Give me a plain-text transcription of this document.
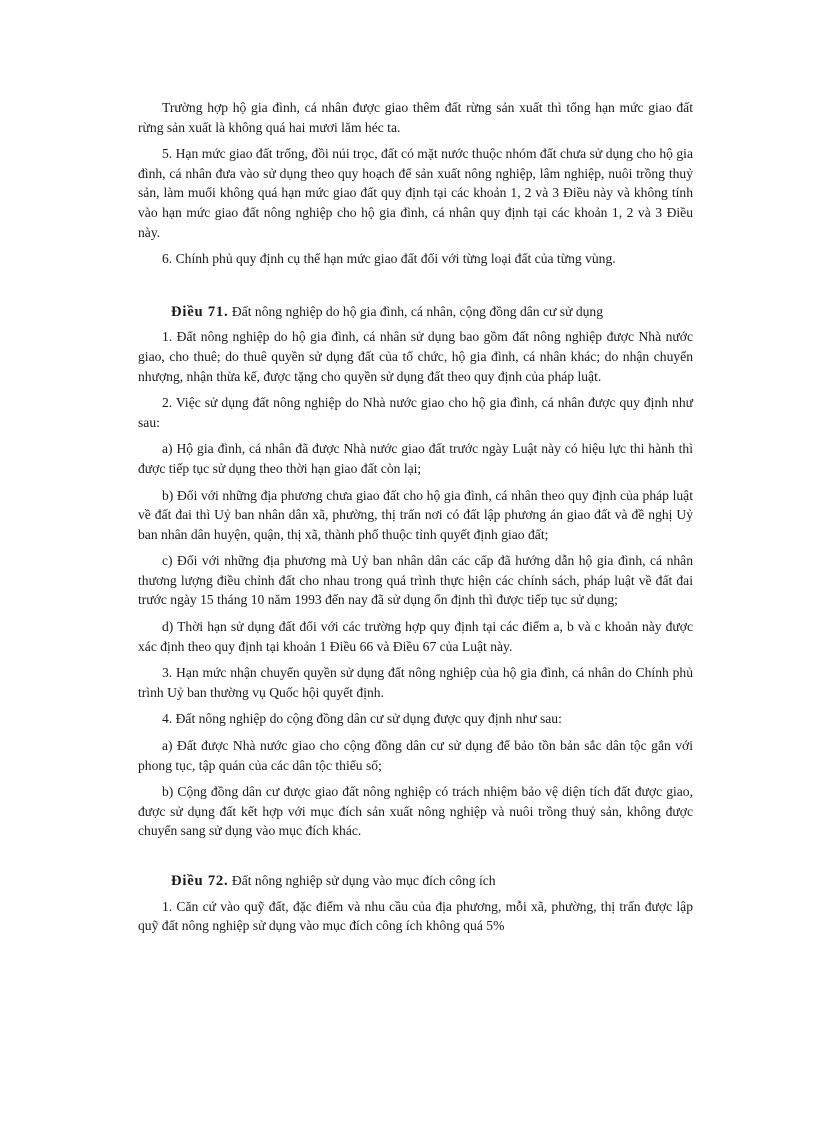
Trường hợp hộ gia đình, cá nhân được giao thêm đất rừng sản xuất thì tổng hạn mức giao đất rừng sản xuất là không quá hai mươi lăm héc ta.

5. Hạn mức giao đất trống, đồi núi trọc, đất có mặt nước thuộc nhóm đất chưa sử dụng cho hộ gia đình, cá nhân đưa vào sử dụng theo quy hoạch để sản xuất nông nghiệp, lâm nghiệp, nuôi trồng thuỷ sản, làm muối không quá hạn mức giao đất quy định tại các khoản 1, 2 và 3 Điều này và không tính vào hạn mức giao đất nông nghiệp cho hộ gia đình, cá nhân quy định tại các khoản 1, 2 và 3 Điều này.

6. Chính phủ quy định cụ thể hạn mức giao đất đối với từng loại đất của từng vùng.

Điều 71. Đất nông nghiệp do hộ gia đình, cá nhân, cộng đồng dân cư sử dụng

1. Đất nông nghiệp do hộ gia đình, cá nhân sử dụng bao gồm đất nông nghiệp được Nhà nước giao, cho thuê; do thuê quyền sử dụng đất của tổ chức, hộ gia đình, cá nhân khác; do nhận chuyển nhượng, nhận thừa kế, được tặng cho quyền sử dụng đất theo quy định của pháp luật.

2. Việc sử dụng đất nông nghiệp do Nhà nước giao cho hộ gia đình, cá nhân được quy định như sau:

a) Hộ gia đình, cá nhân đã được Nhà nước giao đất trước ngày Luật này có hiệu lực thi hành thì được tiếp tục sử dụng theo thời hạn giao đất còn lại;

b) Đối với những địa phương chưa giao đất cho hộ gia đình, cá nhân theo quy định của pháp luật về đất đai thì Uỷ ban nhân dân xã, phường, thị trấn nơi có đất lập phương án giao đất và đề nghị Uỷ ban nhân dân huyện, quận, thị xã, thành phố thuộc tỉnh quyết định giao đất;

c) Đối với những địa phương mà Uỷ ban nhân dân các cấp đã hướng dẫn hộ gia đình, cá nhân thương lượng điều chỉnh đất cho nhau trong quá trình thực hiện các chính sách, pháp luật về đất đai trước ngày 15 tháng 10 năm 1993 đến nay đã sử dụng ổn định thì được tiếp tục sử dụng;

d) Thời hạn sử dụng đất đối với các trường hợp quy định tại các điểm a, b và c khoản này được xác định theo quy định tại khoản 1 Điều 66 và Điều 67 của Luật này.

3. Hạn mức nhận chuyển quyền sử dụng đất nông nghiệp của hộ gia đình, cá nhân do Chính phủ trình Uỷ ban thường vụ Quốc hội quyết định.

4. Đất nông nghiệp do cộng đồng dân cư sử dụng được quy định như sau:

a) Đất được Nhà nước giao cho cộng đồng dân cư sử dụng để bảo tồn bản sắc dân tộc gắn với phong tục, tập quán của các dân tộc thiểu số;

b) Cộng đồng dân cư được giao đất nông nghiệp có trách nhiệm bảo vệ diện tích đất được giao, được sử dụng đất kết hợp với mục đích sản xuất nông nghiệp và nuôi trồng thuỷ sản, không được chuyển sang sử dụng vào mục đích khác.

Điều 72. Đất nông nghiệp sử dụng vào mục đích công ích

1. Căn cứ vào quỹ đất, đặc điểm và nhu cầu của địa phương, mỗi xã, phường, thị trấn được lập quỹ đất nông nghiệp sử dụng vào mục đích công ích không quá 5%
